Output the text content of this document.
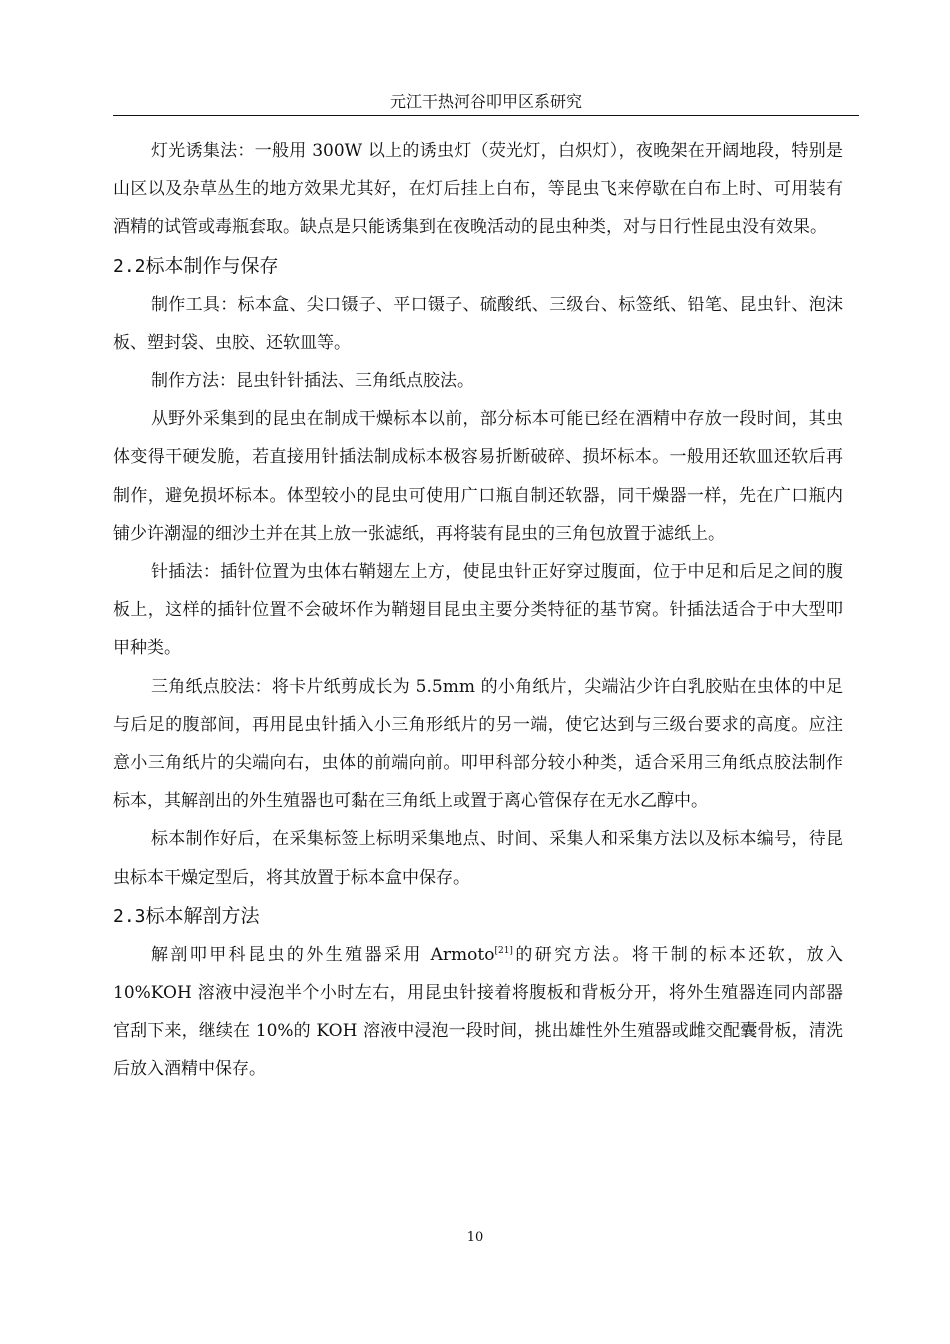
元江干热河谷叩甲区系研究

灯光诱集法：一般用 300W 以上的诱虫灯（荧光灯，白炽灯），夜晚架在开阔地段，特别是山区以及杂草丛生的地方效果尤其好，在灯后挂上白布，等昆虫飞来停歇在白布上时、可用装有酒精的试管或毒瓶套取。缺点是只能诱集到在夜晚活动的昆虫种类，对与日行性昆虫没有效果。

2.2标本制作与保存

制作工具：标本盒、尖口镊子、平口镊子、硫酸纸、三级台、标签纸、铅笔、昆虫针、泡沫板、塑封袋、虫胶、还软皿等。

制作方法：昆虫针针插法、三角纸点胶法。

从野外采集到的昆虫在制成干燥标本以前，部分标本可能已经在酒精中存放一段时间，其虫体变得干硬发脆，若直接用针插法制成标本极容易折断破碎、损坏标本。一般用还软皿还软后再制作，避免损坏标本。体型较小的昆虫可使用广口瓶自制还软器，同干燥器一样，先在广口瓶内铺少许潮湿的细沙土并在其上放一张滤纸，再将装有昆虫的三角包放置于滤纸上。

针插法：插针位置为虫体右鞘翅左上方，使昆虫针正好穿过腹面，位于中足和后足之间的腹板上，这样的插针位置不会破坏作为鞘翅目昆虫主要分类特征的基节窝。针插法适合于中大型叩甲种类。

三角纸点胶法：将卡片纸剪成长为 5.5mm 的小角纸片，尖端沾少许白乳胶贴在虫体的中足与后足的腹部间，再用昆虫针插入小三角形纸片的另一端，使它达到与三级台要求的高度。应注意小三角纸片的尖端向右，虫体的前端向前。叩甲科部分较小种类，适合采用三角纸点胶法制作标本，其解剖出的外生殖器也可黏在三角纸上或置于离心管保存在无水乙醇中。

标本制作好后，在采集标签上标明采集地点、时间、采集人和采集方法以及标本编号，待昆虫标本干燥定型后，将其放置于标本盒中保存。

2.3标本解剖方法

解剖叩甲科昆虫的外生殖器采用 Armoto[21]的研究方法。将干制的标本还软，放入 10%KOH 溶液中浸泡半个小时左右，用昆虫针接着将腹板和背板分开，将外生殖器连同内部器官刮下来，继续在 10%的 KOH 溶液中浸泡一段时间，挑出雄性外生殖器或雌交配囊骨板，清洗后放入酒精中保存。

10
